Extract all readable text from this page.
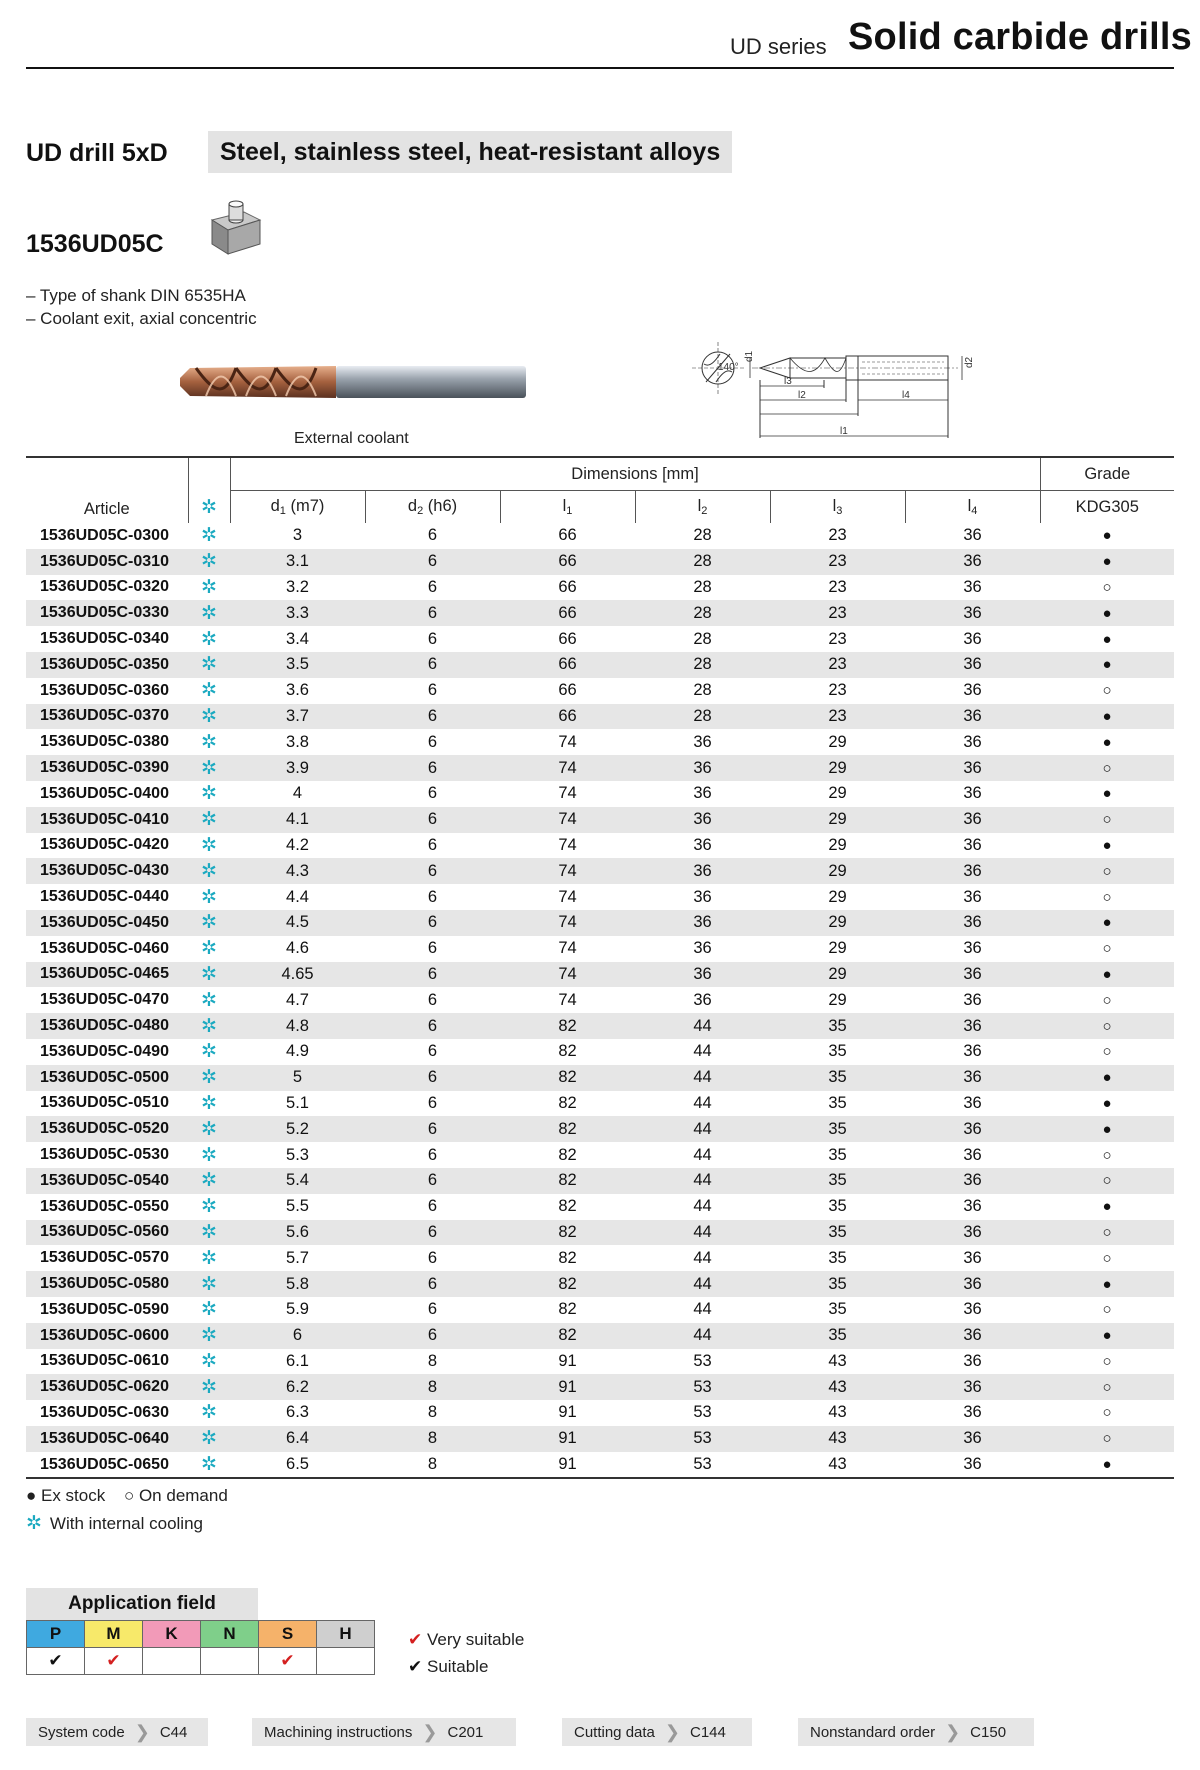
UD series Solid carbide drills
UD drill 5xD	Steel, stainless steel, heat-resistant alloys
1536UD05C
– Type of shank DIN 6535HA
– Coolant exit, axial concentric
External coolant
140°
l3
l2	l4
l1
d1
d2
Article	✲	Dimensions [mm]						Grade
		$d_1$ (m7)	$d_2$ (h6)	$l_1$	$l_2$	$l_3$	$l_4$	KDG305
1536UD05C-0300	✲	3	6	66	28	23	36	●
1536UD05C-0310	✲	3.1	6	66	28	23	36	●
1536UD05C-0320	✲	3.2	6	66	28	23	36	○
1536UD05C-0330	✲	3.3	6	66	28	23	36	●
1536UD05C-0340	✲	3.4	6	66	28	23	36	●
1536UD05C-0350	✲	3.5	6	66	28	23	36	●
1536UD05C-0360	✲	3.6	6	66	28	23	36	○
1536UD05C-0370	✲	3.7	6	66	28	23	36	●
1536UD05C-0380	✲	3.8	6	74	36	29	36	●
1536UD05C-0390	✲	3.9	6	74	36	29	36	○
1536UD05C-0400	✲	4	6	74	36	29	36	●
1536UD05C-0410	✲	4.1	6	74	36	29	36	○
1536UD05C-0420	✲	4.2	6	74	36	29	36	●
1536UD05C-0430	✲	4.3	6	74	36	29	36	○
1536UD05C-0440	✲	4.4	6	74	36	29	36	○
1536UD05C-0450	✲	4.5	6	74	36	29	36	●
1536UD05C-0460	✲	4.6	6	74	36	29	36	○
1536UD05C-0465	✲	4.65	6	74	36	29	36	●
1536UD05C-0470	✲	4.7	6	74	36	29	36	○
1536UD05C-0480	✲	4.8	6	82	44	35	36	○
1536UD05C-0490	✲	4.9	6	82	44	35	36	○
1536UD05C-0500	✲	5	6	82	44	35	36	●
1536UD05C-0510	✲	5.1	6	82	44	35	36	●
1536UD05C-0520	✲	5.2	6	82	44	35	36	●
1536UD05C-0530	✲	5.3	6	82	44	35	36	○
1536UD05C-0540	✲	5.4	6	82	44	35	36	○
1536UD05C-0550	✲	5.5	6	82	44	35	36	●
1536UD05C-0560	✲	5.6	6	82	44	35	36	○
1536UD05C-0570	✲	5.7	6	82	44	35	36	○
1536UD05C-0580	✲	5.8	6	82	44	35	36	●
1536UD05C-0590	✲	5.9	6	82	44	35	36	○
1536UD05C-0600	✲	6	6	82	44	35	36	●
1536UD05C-0610	✲	6.1	8	91	53	43	36	○
1536UD05C-0620	✲	6.2	8	91	53	43	36	○
1536UD05C-0630	✲	6.3	8	91	53	43	36	○
1536UD05C-0640	✲	6.4	8	91	53	43	36	○
1536UD05C-0650	✲	6.5	8	91	53	43	36	●
● Ex stock ○ On demand
✲ With internal cooling
Application field
P	M	K	N	S	H
✔	✔			✔	
✔ Very suitable
✔ Suitable
System code ❯ C44	Machining instructions ❯ C201	Cutting data ❯ C144	Nonstandard order ❯ C150
